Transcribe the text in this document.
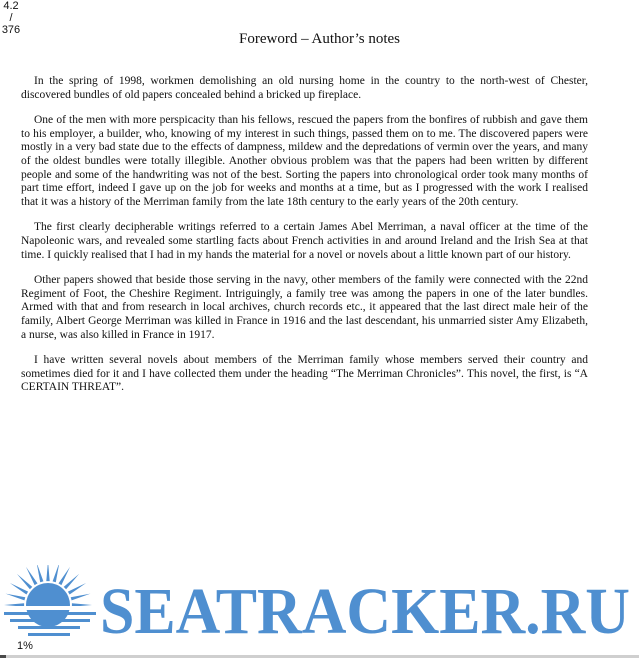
4.2
/
376
Foreword – Author’s notes

In the spring of 1998, workmen demolishing an old nursing home in the country to the north-west of Chester, discovered bundles of old papers concealed behind a bricked up fireplace.

One of the men with more perspicacity than his fellows, rescued the papers from the bonfires of rubbish and gave them to his employer, a builder, who, knowing of my interest in such things, passed them on to me. The discovered papers were mostly in a very bad state due to the effects of dampness, mildew and the depredations of vermin over the years, and many of the oldest bundles were totally illegible. Another obvious problem was that the papers had been written by different people and some of the handwriting was not of the best. Sorting the papers into chronological order took many months of part time effort, indeed I gave up on the job for weeks and months at a time, but as I progressed with the work I realised that it was a history of the Merriman family from the late 18th century to the early years of the 20th century.

The first clearly decipherable writings referred to a certain James Abel Merriman, a naval officer at the time of the Napoleonic wars, and revealed some startling facts about French activities in and around Ireland and the Irish Sea at that time. I quickly realised that I had in my hands the material for a novel or novels about a little known part of our history.

Other papers showed that beside those serving in the navy, other members of the family were connected with the 22nd Regiment of Foot, the Cheshire Regiment. Intriguingly, a family tree was among the papers in one of the later bundles. Armed with that and from research in local archives, church records etc., it appeared that the last direct male heir of the family, Albert George Merriman was killed in France in 1916 and the last descendant, his unmarried sister Amy Elizabeth, a nurse, was also killed in France in 1917.

I have written several novels about members of the Merriman family whose members served their country and sometimes died for it and I have collected them under the heading “The Merriman Chronicles”. This novel, the first, is “A CERTAIN THREAT”.

SEATRACKER.RU
1%
